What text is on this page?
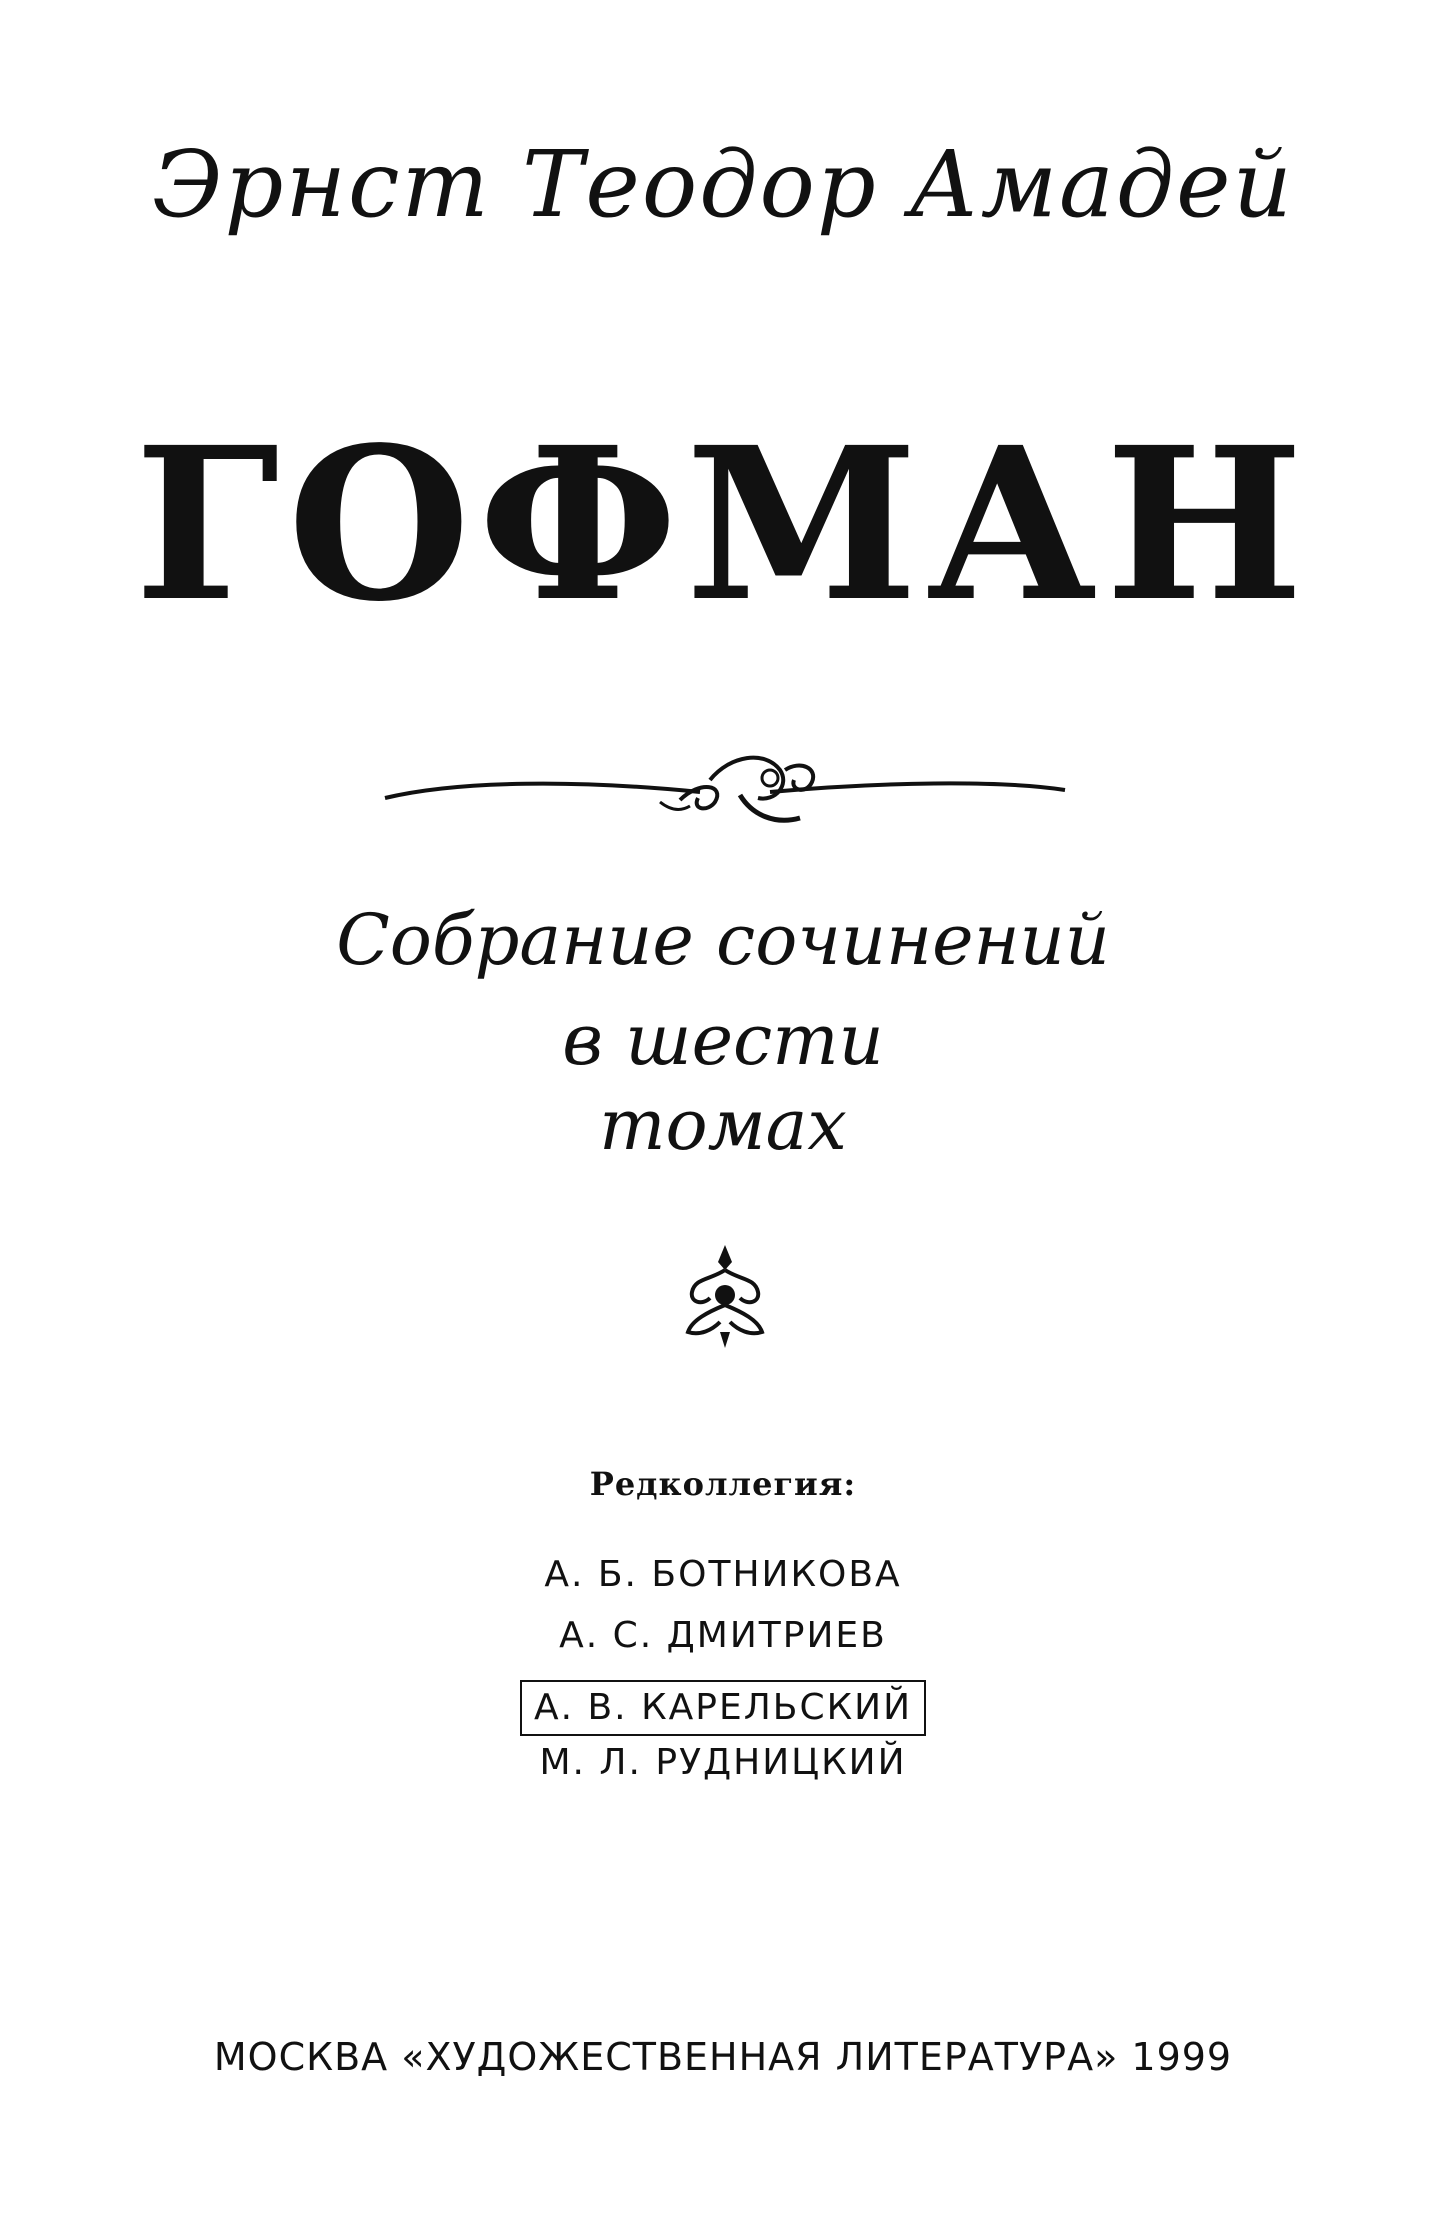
Эрнст Теодор Амадей
ГОФМАН
Собрание сочинений
в шести
томах
Редколлегия:
А. Б. БОТНИКОВА
А. С. ДМИТРИЕВ
А. В. КАРЕЛЬСКИЙ
М. Л. РУДНИЦКИЙ
МОСКВА «ХУДОЖЕСТВЕННАЯ ЛИТЕРАТУРА» 1999
